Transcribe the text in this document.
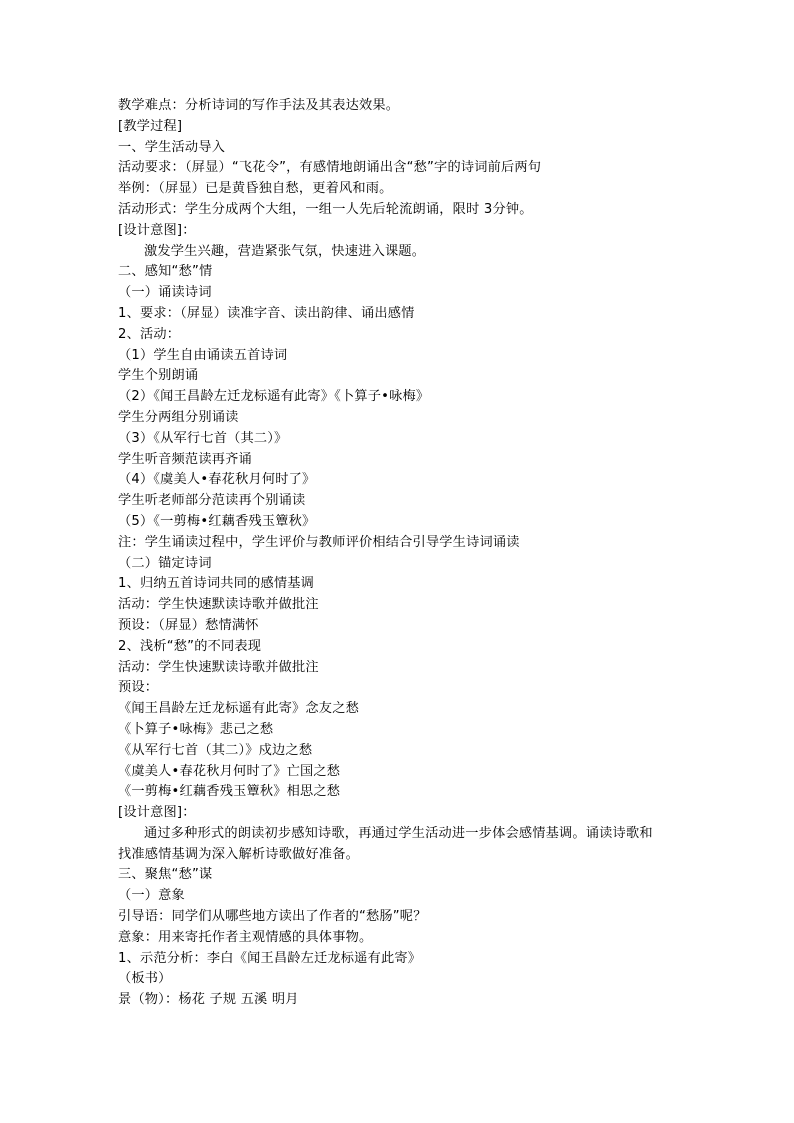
教学难点：分析诗词的写作手法及其表达效果。
[教学过程]
一、学生活动导入
活动要求：（屏显）“飞花令”，有感情地朗诵出含“愁”字的诗词前后两句
举例：（屏显）已是黄昏独自愁，更着风和雨。
活动形式：学生分成两个大组，一组一人先后轮流朗诵，限时 3分钟。
[设计意图]：
激发学生兴趣，营造紧张气氛，快速进入课题。
二、感知“愁”情
（一）诵读诗词
1、要求：（屏显）读准字音、读出韵律、诵出感情
2、活动：
（1）学生自由诵读五首诗词
学生个别朗诵
（2）《闻王昌龄左迁龙标遥有此寄》《卜算子•咏梅》
学生分两组分别诵读
（3）《从军行七首（其二）》
学生听音频范读再齐诵
（4）《虞美人•春花秋月何时了》
学生听老师部分范读再个别诵读
（5）《一剪梅•红藕香残玉簟秋》
注：学生诵读过程中，学生评价与教师评价相结合引导学生诗词诵读
（二）锚定诗词
1、归纳五首诗词共同的感情基调
活动：学生快速默读诗歌并做批注
预设：（屏显）愁情满怀
2、浅析“愁”的不同表现
活动：学生快速默读诗歌并做批注
预设：
《闻王昌龄左迁龙标遥有此寄》念友之愁
《卜算子•咏梅》悲己之愁
《从军行七首（其二）》戍边之愁
《虞美人•春花秋月何时了》亡国之愁
《一剪梅•红藕香残玉簟秋》相思之愁
[设计意图]：
通过多种形式的朗读初步感知诗歌，再通过学生活动进一步体会感情基调。诵读诗歌和
找准感情基调为深入解析诗歌做好准备。
三、聚焦“愁”谋
（一）意象
引导语：同学们从哪些地方读出了作者的“愁肠”呢？
意象：用来寄托作者主观情感的具体事物。
1、示范分析：李白《闻王昌龄左迁龙标遥有此寄》
（板书）
景（物）：杨花 子规 五溪 明月
